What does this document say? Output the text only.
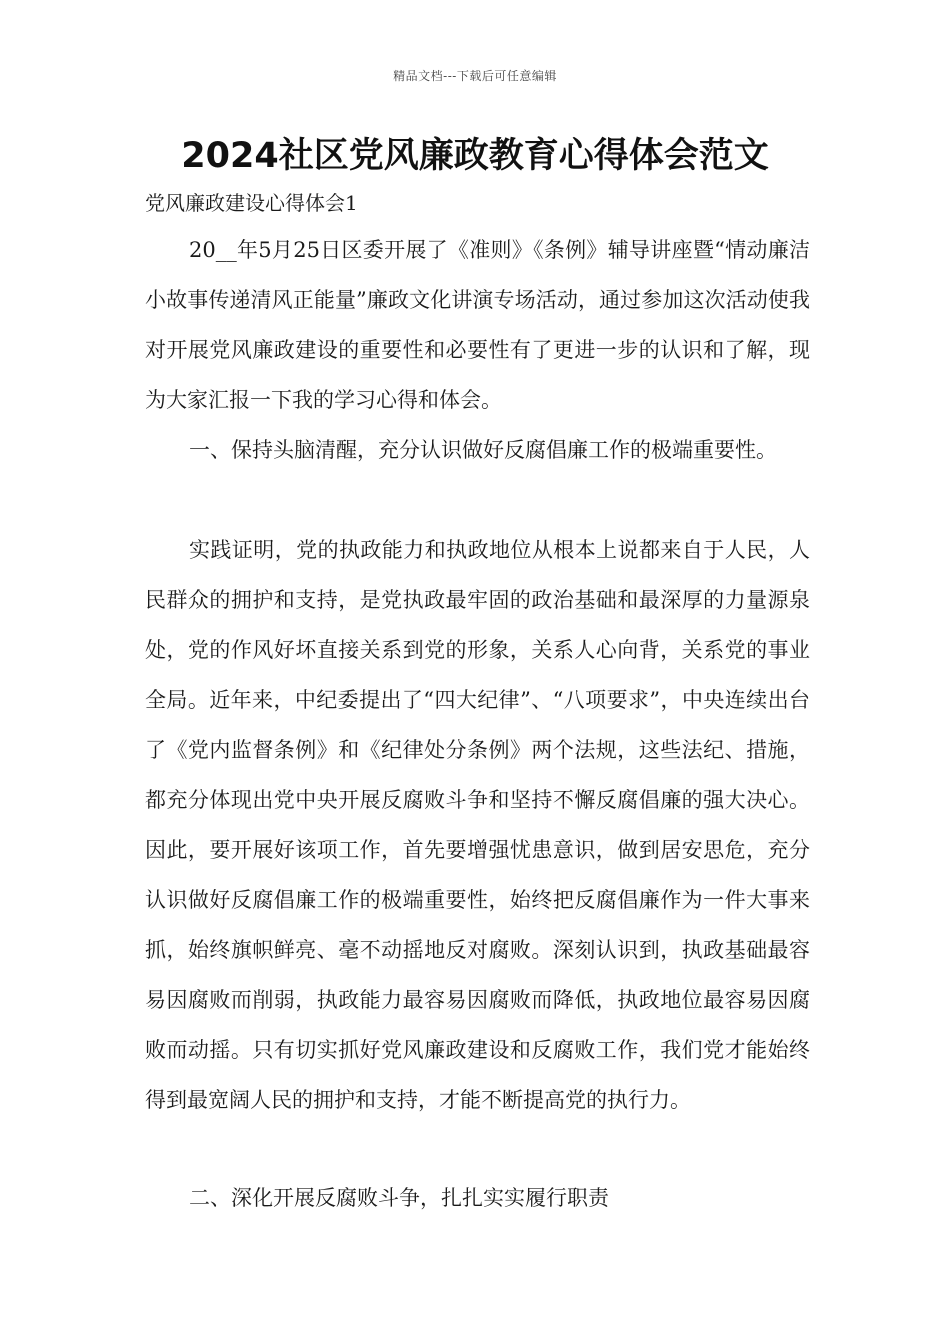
精品文档---下载后可任意编辑
2024社区党风廉政教育心得体会范文
党风廉政建设心得体会1

20__年5月25日区委开展了《准则》《条例》辅导讲座暨“情动廉洁小故事传递清风正能量”廉政文化讲演专场活动，通过参加这次活动使我对开展党风廉政建设的重要性和必要性有了更进一步的认识和了解，现为大家汇报一下我的学习心得和体会。

一、保持头脑清醒，充分认识做好反腐倡廉工作的极端重要性。

实践证明，党的执政能力和执政地位从根本上说都来自于人民，人民群众的拥护和支持，是党执政最牢固的政治基础和最深厚的力量源泉处，党的作风好坏直接关系到党的形象，关系人心向背，关系党的事业全局。近年来，中纪委提出了“四大纪律”、“八项要求”，中央连续出台了《党内监督条例》和《纪律处分条例》两个法规，这些法纪、措施，都充分体现出党中央开展反腐败斗争和坚持不懈反腐倡廉的强大决心。因此，要开展好该项工作，首先要增强忧患意识，做到居安思危，充分认识做好反腐倡廉工作的极端重要性，始终把反腐倡廉作为一件大事来抓，始终旗帜鲜亮、毫不动摇地反对腐败。深刻认识到，执政基础最容易因腐败而削弱，执政能力最容易因腐败而降低，执政地位最容易因腐败而动摇。只有切实抓好党风廉政建设和反腐败工作，我们党才能始终得到最宽阔人民的拥护和支持，才能不断提高党的执行力。

二、深化开展反腐败斗争，扎扎实实履行职责
